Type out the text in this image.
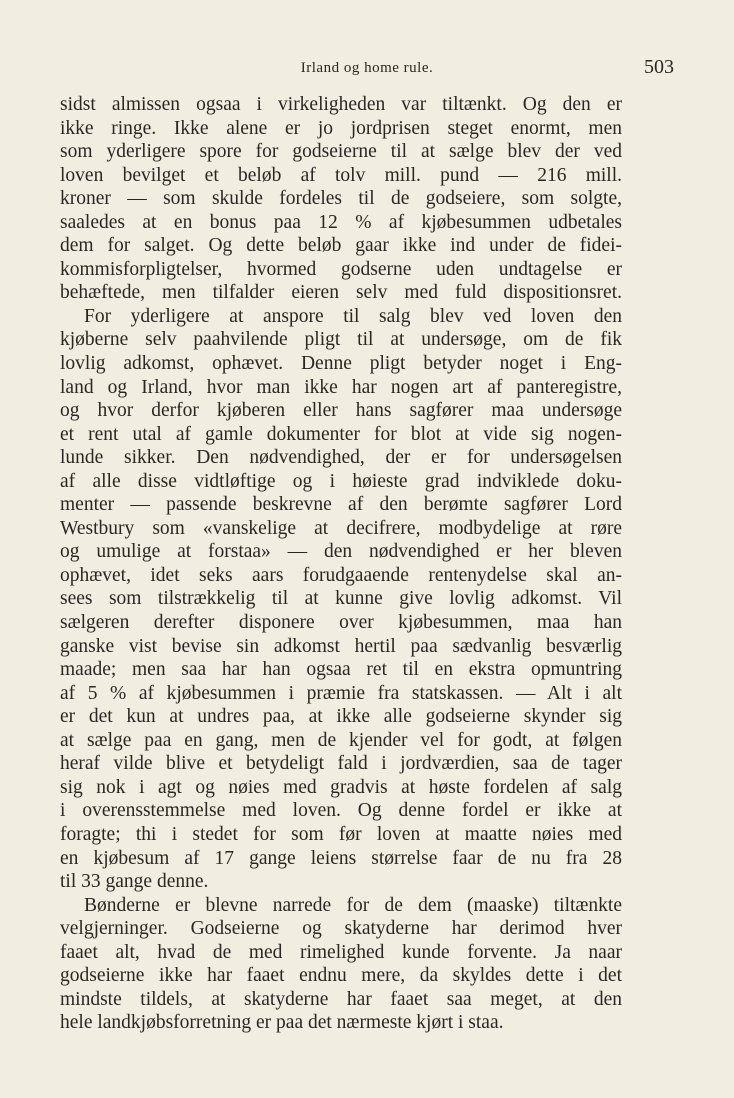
Irland og home rule.	503
sidst almissen ogsaa i virkeligheden var tiltænkt. Og den er
ikke ringe. Ikke alene er jo jordprisen steget enormt, men
som yderligere spore for godseierne til at sælge blev der ved
loven bevilget et beløb af tolv mill. pund — 216 mill.
kroner — som skulde fordeles til de godseiere, som solgte,
saaledes at en bonus paa 12 % af kjøbesummen udbetales
dem for salget. Og dette beløb gaar ikke ind under de fidei-
kommisforpligtelser, hvormed godserne uden undtagelse er
behæftede, men tilfalder eieren selv med fuld dispositionsret.
For yderligere at anspore til salg blev ved loven den
kjøberne selv paahvilende pligt til at undersøge, om de fik
lovlig adkomst, ophævet. Denne pligt betyder noget i Eng-
land og Irland, hvor man ikke har nogen art af panteregistre,
og hvor derfor kjøberen eller hans sagfører maa undersøge
et rent utal af gamle dokumenter for blot at vide sig nogen-
lunde sikker. Den nødvendighed, der er for undersøgelsen
af alle disse vidtløftige og i høieste grad indviklede doku-
menter — passende beskrevne af den berømte sagfører Lord
Westbury som «vanskelige at decifrere, modbydelige at røre
og umulige at forstaa» — den nødvendighed er her bleven
ophævet, idet seks aars forudgaaende rentenydelse skal an-
sees som tilstrækkelig til at kunne give lovlig adkomst. Vil
sælgeren derefter disponere over kjøbesummen, maa han
ganske vist bevise sin adkomst hertil paa sædvanlig besværlig
maade; men saa har han ogsaa ret til en ekstra opmuntring
af 5 % af kjøbesummen i præmie fra statskassen. — Alt i alt
er det kun at undres paa, at ikke alle godseierne skynder sig
at sælge paa en gang, men de kjender vel for godt, at følgen
heraf vilde blive et betydeligt fald i jordværdien, saa de tager
sig nok i agt og nøies med gradvis at høste fordelen af salg
i overensstemmelse med loven. Og denne fordel er ikke at
foragte; thi i stedet for som før loven at maatte nøies med
en kjøbesum af 17 gange leiens størrelse faar de nu fra 28
til 33 gange denne.
Bønderne er blevne narrede for de dem (maaske) tiltænkte
velgjerninger. Godseierne og skatyderne har derimod hver
faaet alt, hvad de med rimelighed kunde forvente. Ja naar
godseierne ikke har faaet endnu mere, da skyldes dette i det
mindste tildels, at skatyderne har faaet saa meget, at den
hele landkjøbsforretning er paa det nærmeste kjørt i staa.
